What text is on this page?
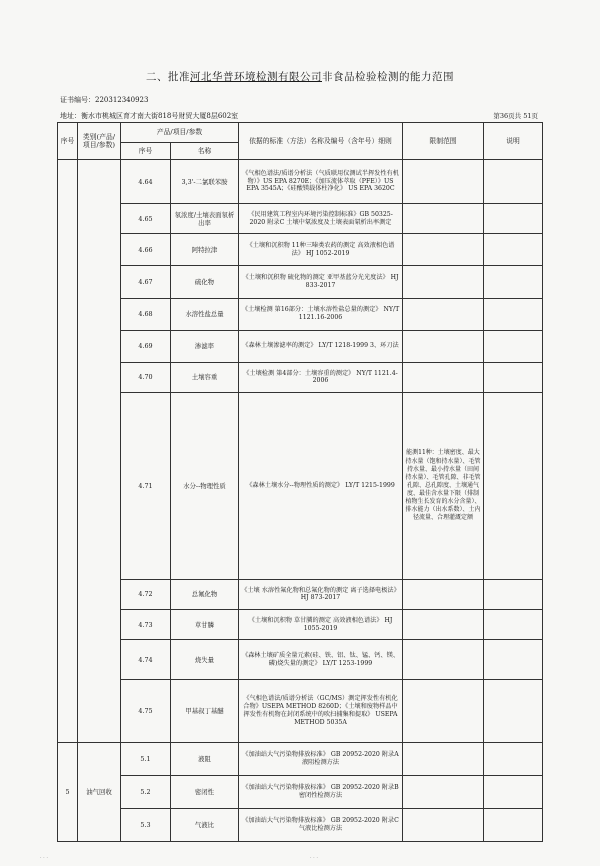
二、批准河北华普环境检测有限公司非食品检验检测的能力范围
证书编号：220312340923
地址：衡水市桃城区育才南大街818号财贸大厦8层602室	第36页共 51页
序号	类别(产品/项目/参数)	产品/项目/参数		依据的标准（方法）名称及编号（含年号）细则	限制范围	说明
		序号	名称			
		4.64	3,3'-二氯联苯胺	《气相色谱法/质谱分析法（气质联用仪测试半挥发性有机物）》US EPA 8270E；《加压流体萃取（PFE）》US EPA 3545A；《硅酸镁载体柱净化》 US EPA 3620C		
		4.65	氡浓度/土壤表面氡析出率	《民用建筑工程室内环境污染控制标准》GB 50325-2020 附录C 土壤中氡浓度及土壤表面氡析出率测定		
		4.66	阿特拉津	《土壤和沉积物 11种三嗪类农药的测定 高效液相色谱法》 HJ 1052-2019		
		4.67	硫化物	《土壤和沉积物 硫化物的测定 亚甲基蓝分光光度法》 HJ 833-2017		
		4.68	水溶性盐总量	《土壤检测 第16部分：土壤水溶性盐总量的测定》 NY/T 1121.16-2006		
		4.69	渗滤率	《森林土壤渗滤率的测定》 LY/T 1218-1999 3、环刀法		
		4.70	土壤容重	《土壤检测 第4部分：土壤容重的测定》 NY/T 1121.4-2006		
		4.71	水分--物理性质	《森林土壤水分--物理性质的测定》 LY/T 1215-1999	能测11种：土壤密度、最大持水量（饱和持水量）、毛管持水量、最小持水量（田间持水量）、毛管孔隙、非毛管孔隙、总孔隙度、土壤通气度、最佳含水量下限（排制植物生长发育的水分含量）、排水能力（出水系数）、土内径流量、合理灌溉定额	
		4.72	总氟化物	《土壤 水溶性氟化物和总氟化物的测定 离子选择电极法》 HJ 873-2017		
		4.73	草甘膦	《土壤和沉积物 草甘膦的测定 高效液相色谱法》 HJ 1055-2019		
		4.74	烧失量	《森林土壤矿质全量元素(硅、铁、铝、钛、锰、钙、镁、磷)烧失量的测定》 LY/T 1253-1999		
		4.75	甲基叔丁基醚	《气相色谱法/质谱分析法（GC/MS）测定挥发性有机化合物》USEPA METHOD 8260D；《土壤和废物样品中挥发性有机物在封闭系统中的吹扫捕集和提取》 USEPA METHOD 5035A		
5	油气回收	5.1	液阻	《加油站大气污染物排放标准》 GB 20952-2020 附录A液阻检测方法		
		5.2	密闭性	《加油站大气污染物排放标准》 GB 20952-2020 附录B密闭性检测方法		
		5.3	气液比	《加油站大气污染物排放标准》 GB 20952-2020 附录C气液比检测方法		
· · ·	· · ·
